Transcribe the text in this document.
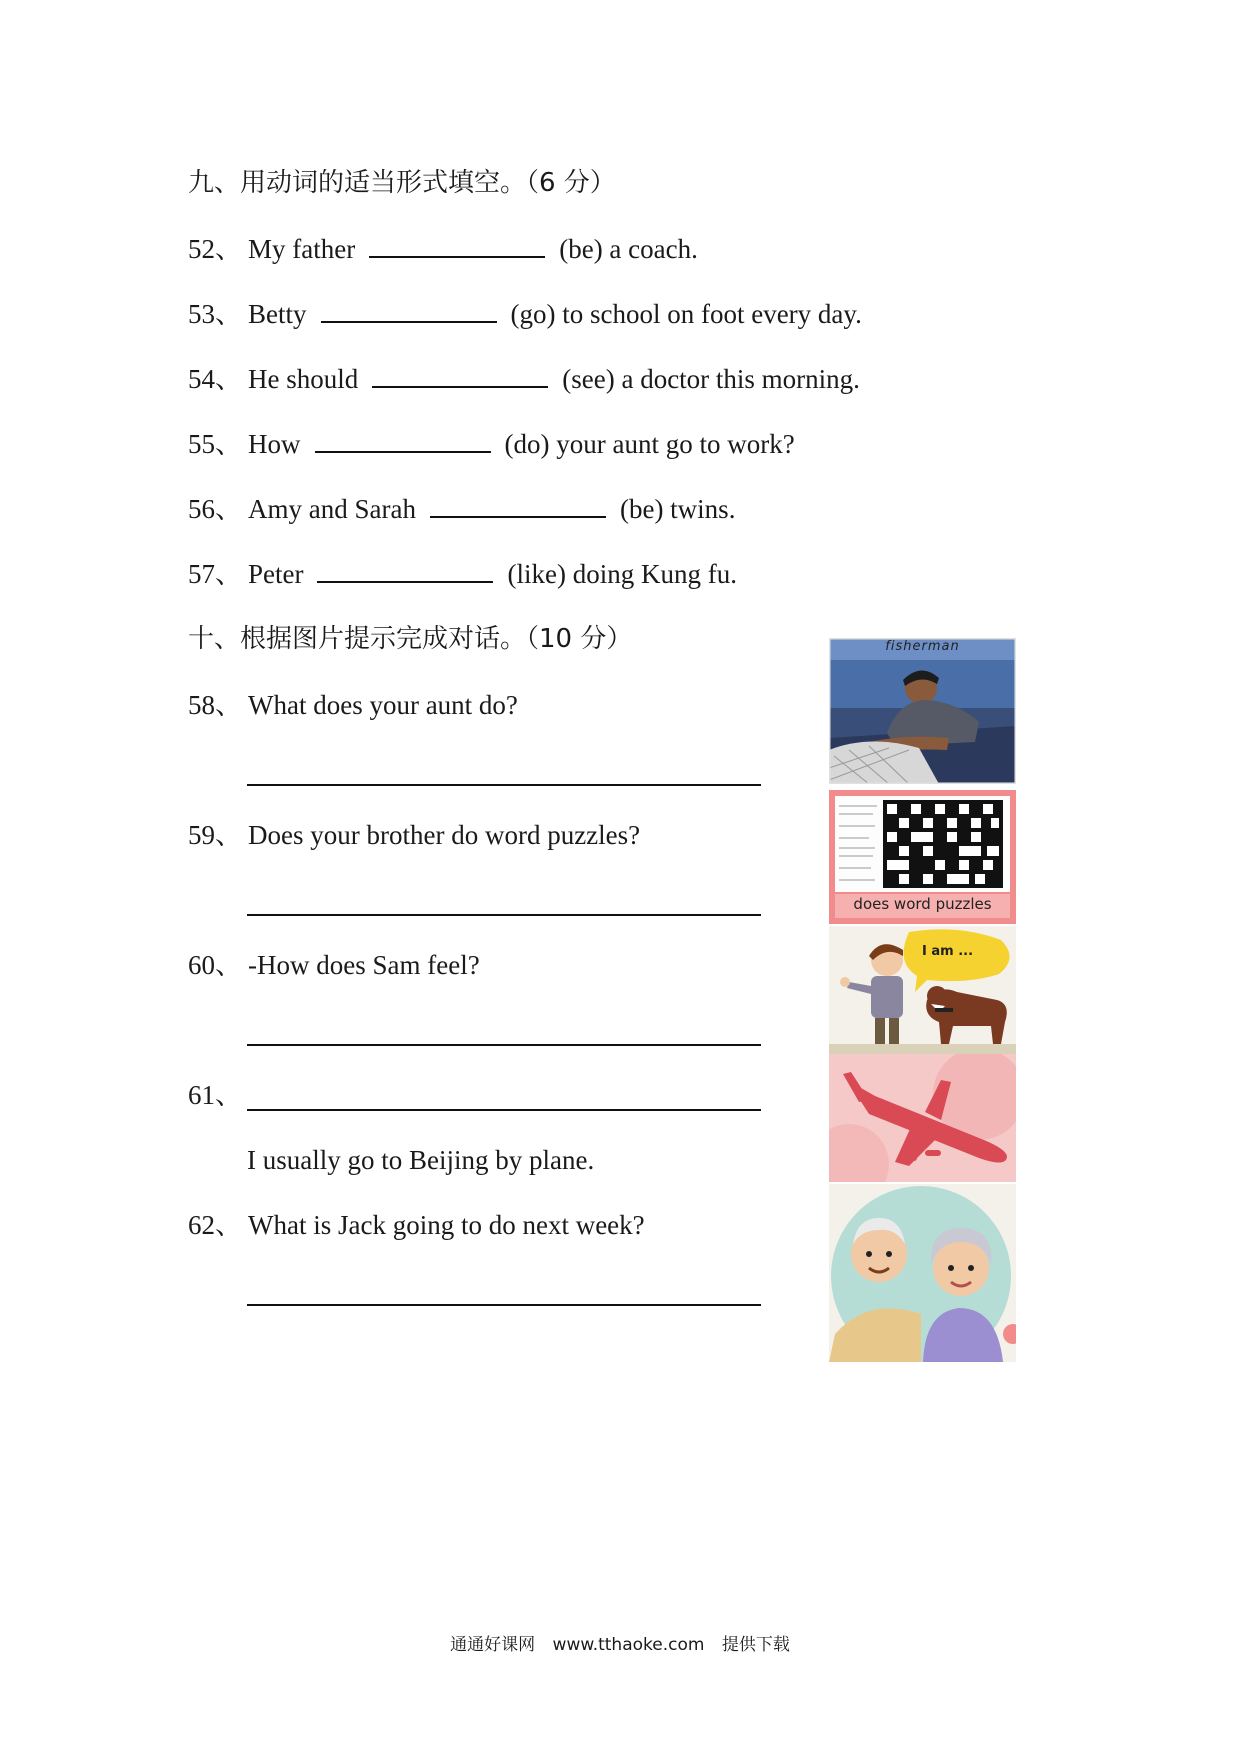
九、用动词的适当形式填空。（6 分）
52、 My father	(be) a coach.
53、 Betty	(go) to school on foot every day.
54、 He should	(see) a doctor this morning.
55、 How	(do) your aunt go to work?
56、 Amy and Sarah	(be) twins.
57、 Peter	(like) doing Kung fu.
十、根据图片提示完成对话。（10 分）
58、 What does your aunt do?
59、 Does your brother do word puzzles?
60、 -How does Sam feel?
61、
I usually go to Beijing by plane.
62、 What is Jack going to do next week?
fisherman
does word puzzles
I am ...
通通好课网 www.tthaoke.com 提供下载
